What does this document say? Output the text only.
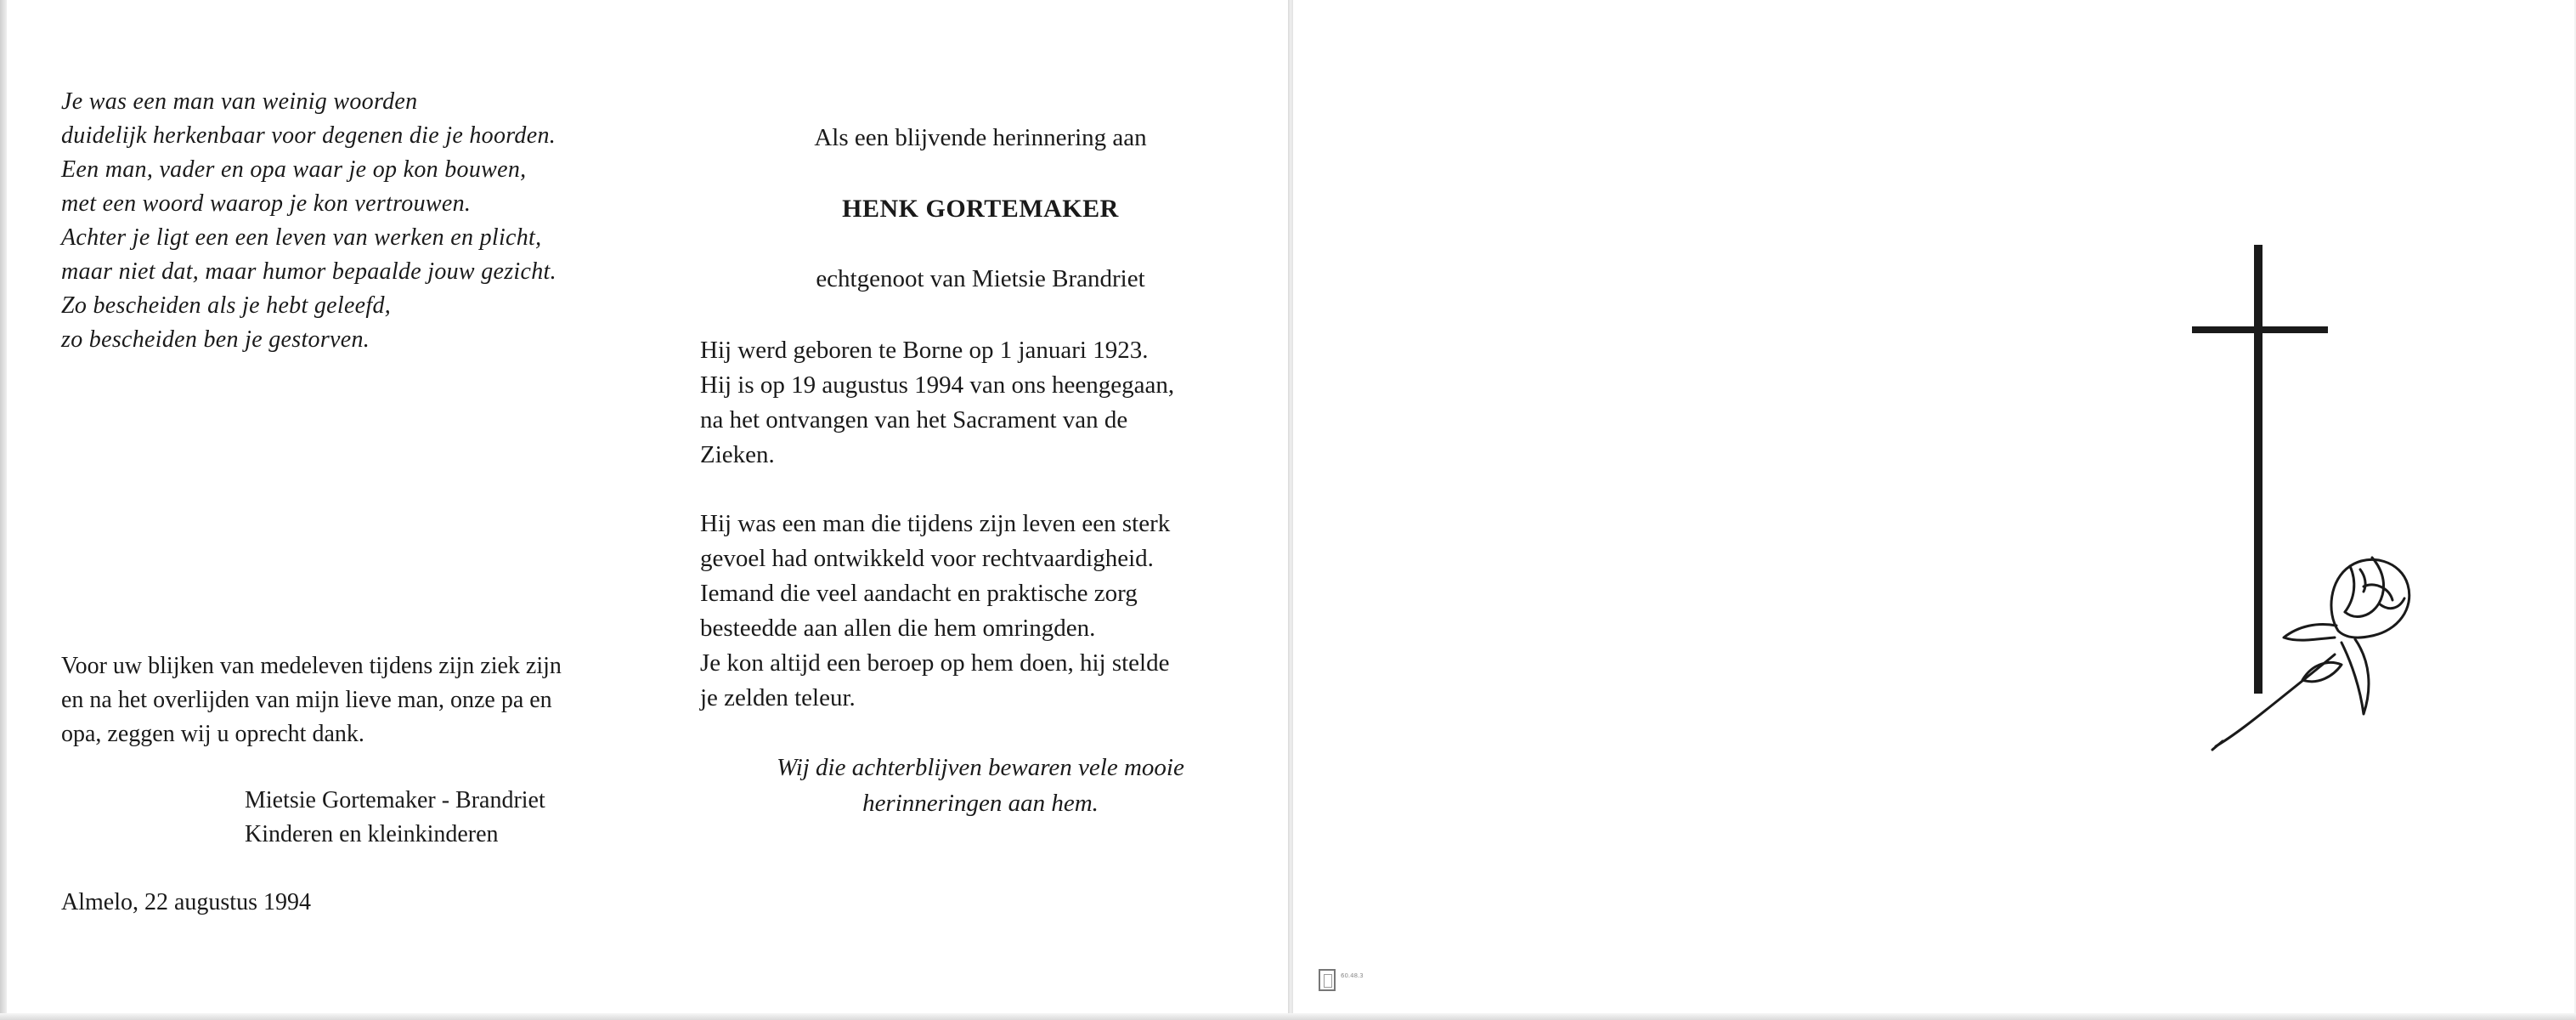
Je was een man van weinig woorden
duidelijk herkenbaar voor degenen die je hoorden.
Een man, vader en opa waar je op kon bouwen,
met een woord waarop je kon vertrouwen.
Achter je ligt een een leven van werken en plicht,
maar niet dat, maar humor bepaalde jouw gezicht.
Zo bescheiden als je hebt geleefd,
zo bescheiden ben je gestorven.
Voor uw blijken van medeleven tijdens zijn ziek zijn
en na het overlijden van mijn lieve man, onze pa en
opa, zeggen wij u oprecht dank.
Mietsie Gortemaker - Brandriet
Kinderen en kleinkinderen
Almelo, 22 augustus 1994
Als een blijvende herinnering aan
HENK GORTEMAKER
echtgenoot van Mietsie Brandriet
Hij werd geboren te Borne op 1 januari 1923.
Hij is op 19 augustus 1994 van ons heengegaan,
na het ontvangen van het Sacrament van de
Zieken.
Hij was een man die tijdens zijn leven een sterk
gevoel had ontwikkeld voor rechtvaardigheid.
Iemand die veel aandacht en praktische zorg
besteedde aan allen die hem omringden.
Je kon altijd een beroep op hem doen, hij stelde
je zelden teleur.
Wij die achterblijven bewaren vele mooie
herinneringen aan hem.
60.48.3
